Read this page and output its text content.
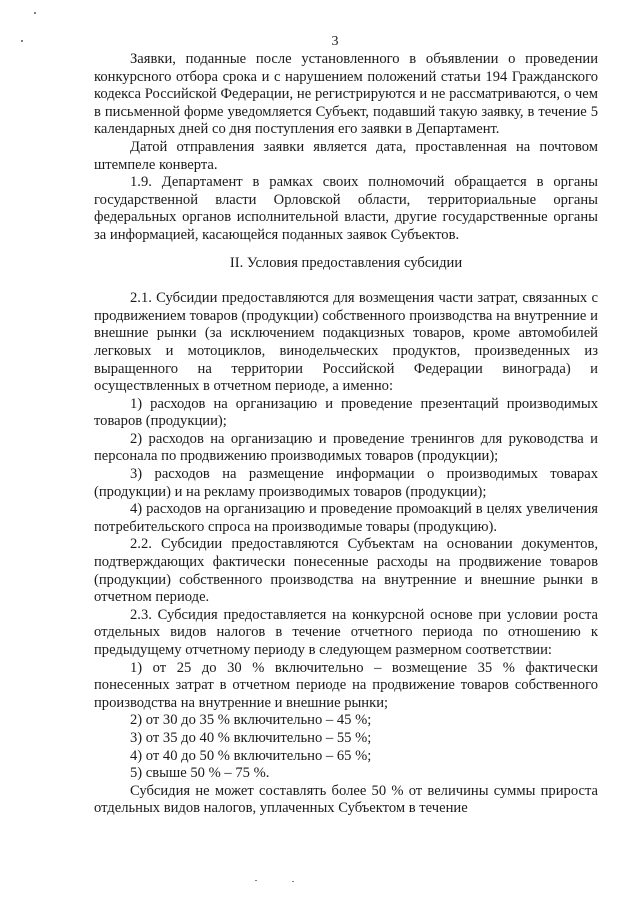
3

Заявки, поданные после установленного в объявлении о проведении конкурсного отбора срока и с нарушением положений статьи 194 Гражданского кодекса Российской Федерации, не регистрируются и не рассматриваются, о чем в письменной форме уведомляется Субъект, подавший такую заявку, в течение 5 календарных дней со дня поступления его заявки в Департамент.

Датой отправления заявки является дата, проставленная на почтовом штемпеле конверта.

1.9. Департамент в рамках своих полномочий обращается в органы государственной власти Орловской области, территориальные органы федеральных органов исполнительной власти, другие государственные органы за информацией, касающейся поданных заявок Субъектов.

II. Условия предоставления субсидии

2.1. Субсидии предоставляются для возмещения части затрат, связанных с продвижением товаров (продукции) собственного производства на внутренние и внешние рынки (за исключением подакцизных товаров, кроме автомобилей легковых и мотоциклов, винодельческих продуктов, произведенных из выращенного на территории Российской Федерации винограда) и осуществленных в отчетном периоде, а именно:

1) расходов на организацию и проведение презентаций производимых товаров (продукции);

2) расходов на организацию и проведение тренингов для руководства и персонала по продвижению производимых товаров (продукции);

3) расходов на размещение информации о производимых товарах (продукции) и на рекламу производимых товаров (продукции);

4) расходов на организацию и проведение промоакций в целях увеличения потребительского спроса на производимые товары (продукцию).

2.2. Субсидии предоставляются Субъектам на основании документов, подтверждающих фактически понесенные расходы на продвижение товаров (продукции) собственного производства на внутренние и внешние рынки в отчетном периоде.

2.3. Субсидия предоставляется на конкурсной основе при условии роста отдельных видов налогов в течение отчетного периода по отношению к предыдущему отчетному периоду в следующем размерном соответствии:

1) от 25 до 30 % включительно – возмещение 35 % фактически понесенных затрат в отчетном периоде на продвижение товаров собственного производства на внутренние и внешние рынки;

2) от 30 до 35 % включительно – 45 %;

3) от 35 до 40 % включительно – 55 %;

4) от 40 до 50 % включительно – 65 %;

5) свыше 50 % – 75 %.

Субсидия не может составлять более 50 % от величины суммы прироста отдельных видов налогов, уплаченных Субъектом в течение
